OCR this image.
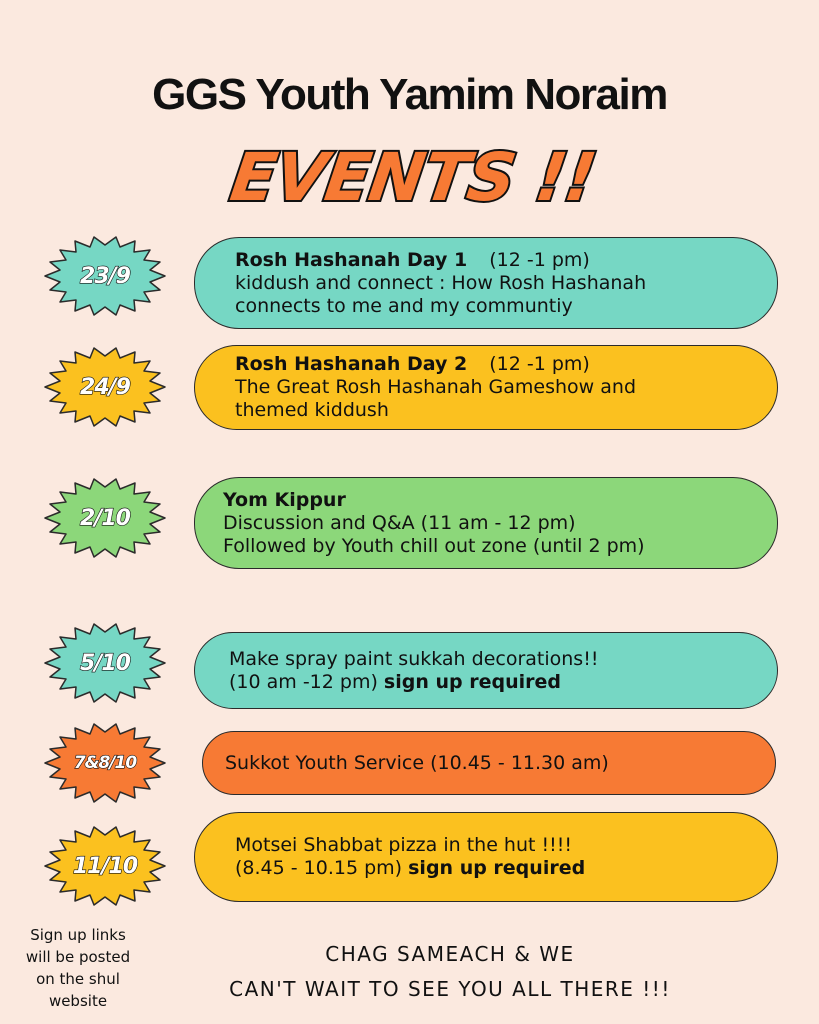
GGS Youth Yamim Noraim
EVENTS !!
23/9
Rosh Hashanah Day 1 (12 -1 pm)
kiddush and connect : How Rosh Hashanah
connects to me and my communtiy
24/9
Rosh Hashanah Day 2 (12 -1 pm)
The Great Rosh Hashanah Gameshow and
themed kiddush
2/10
Yom Kippur
Discussion and Q&A (11 am - 12 pm)
Followed by Youth chill out zone (until 2 pm)
5/10	Make spray paint sukkah decorations!!
(10 am -12 pm) sign up required
7&8/10	Sukkot Youth Service (10.45 - 11.30 am)
11/10
Motsei Shabbat pizza in the hut !!!!
(8.45 - 10.15 pm) sign up required
Sign up links
will be posted
on the shul
website
CHAG SAMEACH & WE
CAN'T WAIT TO SEE YOU ALL THERE !!!
